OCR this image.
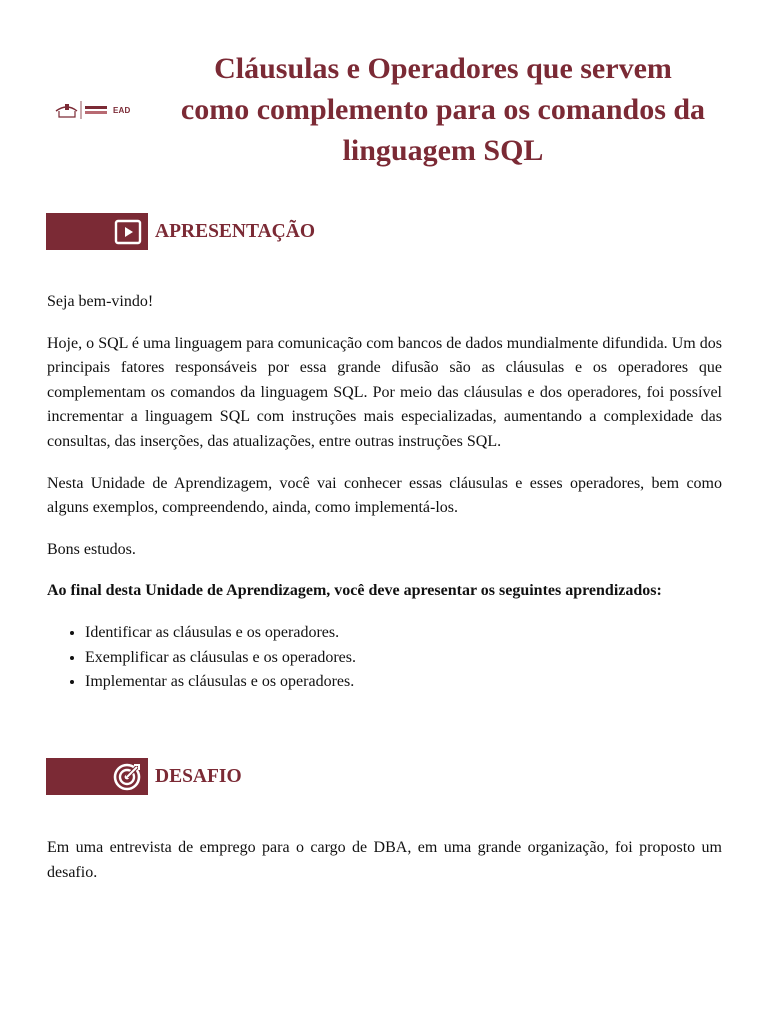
EAD
Cláusulas e Operadores que servem
como complemento para os comandos da
linguagem SQL
APRESENTAÇÃO

Seja bem-vindo!

Hoje, o SQL é uma linguagem para comunicação com bancos de dados mundialmente difundida. Um dos principais fatores responsáveis por essa grande difusão são as cláusulas e os operadores que complementam os comandos da linguagem SQL. Por meio das cláusulas e dos operadores, foi possível incrementar a linguagem SQL com instruções mais especializadas, aumentando a complexidade das consultas, das inserções, das atualizações, entre outras instruções SQL.

Nesta Unidade de Aprendizagem, você vai conhecer essas cláusulas e esses operadores, bem como alguns exemplos, compreendendo, ainda, como implementá-los.

Bons estudos.

Ao final desta Unidade de Aprendizagem, você deve apresentar os seguintes aprendizados:

• Identificar as cláusulas e os operadores.
• Exemplificar as cláusulas e os operadores.
• Implementar as cláusulas e os operadores.
DESAFIO

Em uma entrevista de emprego para o cargo de DBA, em uma grande organização, foi proposto um desafio.
